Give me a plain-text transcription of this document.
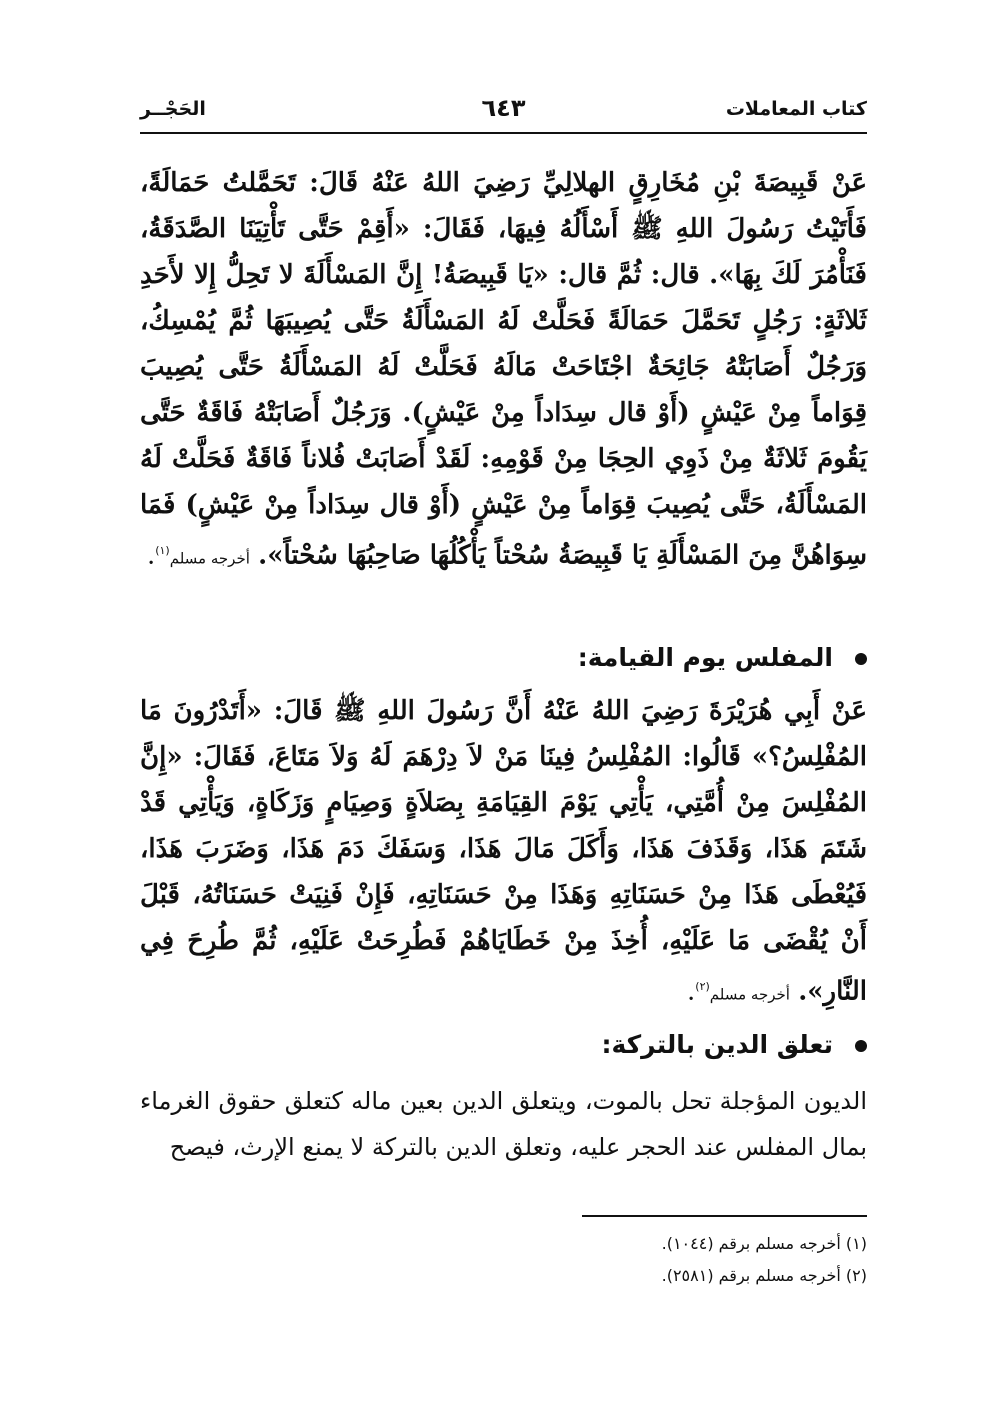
كتاب المعاملات
٦٤٣
الحَجْــر

عَنْ قَبِيصَةَ بْنِ مُخَارِقٍ الهلالِيِّ رَضِيَ اللهُ عَنْهُ قَالَ: تَحَمَّلتُ حَمَالَةً، فَأَتَيْتُ رَسُولَ اللهِ ﷺ أَسْأَلُهُ فِيهَا، فَقَالَ: «أَقِمْ حَتَّى تَأْتِيَنَا الصَّدَقَةُ، فَنَأْمُرَ لَكَ بِهَا». قال: ثُمَّ قال: «يَا قَبِيصَةُ! إِنَّ المَسْأَلَةَ لا تَحِلُّ إِلا لأَحَدِ ثَلاثَةٍ: رَجُلٍ تَحَمَّلَ حَمَالَةً فَحَلَّتْ لَهُ المَسْأَلَةُ حَتَّى يُصِيبَهَا ثُمَّ يُمْسِكُ، وَرَجُلٌ أَصَابَتْهُ جَائِحَةٌ اجْتَاحَتْ مَالَهُ فَحَلَّتْ لَهُ المَسْأَلَةُ حَتَّى يُصِيبَ قِوَاماً مِنْ عَيْشٍ (أَوْ قال سِدَاداً مِنْ عَيْشٍ). وَرَجُلٌ أَصَابَتْهُ فَاقَةٌ حَتَّى يَقُومَ ثَلاثَةٌ مِنْ ذَوِي الحِجَا مِنْ قَوْمِهِ: لَقَدْ أَصَابَتْ فُلاناً فَاقَةٌ فَحَلَّتْ لَهُ المَسْأَلَةُ، حَتَّى يُصِيبَ قِوَاماً مِنْ عَيْشٍ (أَوْ قال سِدَاداً مِنْ عَيْشٍ) فَمَا سِوَاهُنَّ مِنَ المَسْأَلَةِ يَا قَبِيصَةُ سُحْتاً يَأْكُلُهَا صَاحِبُهَا سُحْتاً». أخرجه مسلم$^{(١)}$.

المفلس يوم القيامة:

عَنْ أَبِي هُرَيْرَةَ رَضِيَ اللهُ عَنْهُ أَنَّ رَسُولَ اللهِ ﷺ قَالَ: «أَتَدْرُونَ مَا المُفْلِسُ؟» قَالُوا: المُفْلِسُ فِينَا مَنْ لاَ دِرْهَمَ لَهُ وَلاَ مَتَاعَ، فَقَالَ: «إِنَّ المُفْلِسَ مِنْ أُمَّتِي، يَأْتِي يَوْمَ القِيَامَةِ بِصَلاَةٍ وَصِيَامٍ وَزَكَاةٍ، وَيَأْتِي قَدْ شَتَمَ هَذَا، وَقَذَفَ هَذَا، وَأَكَلَ مَالَ هَذَا، وَسَفَكَ دَمَ هَذَا، وَضَرَبَ هَذَا، فَيُعْطَى هَذَا مِنْ حَسَنَاتِهِ وَهَذَا مِنْ حَسَنَاتِهِ، فَإِنْ فَنِيَتْ حَسَنَاتُهُ، قَبْلَ أَنْ يُقْضَى مَا عَلَيْهِ، أُخِذَ مِنْ خَطَايَاهُمْ فَطُرِحَتْ عَلَيْهِ، ثُمَّ طُرِحَ فِي النَّارِ». أخرجه مسلم$^{(٢)}$.

تعلق الدين بالتركة:

الديون المؤجلة تحل بالموت، ويتعلق الدين بعين ماله كتعلق حقوق الغرماء بمال المفلس عند الحجر عليه، وتعلق الدين بالتركة لا يمنع الإرث، فيصح

(١) أخرجه مسلم برقم (١٠٤٤).

(٢) أخرجه مسلم برقم (٢٥٨١).
